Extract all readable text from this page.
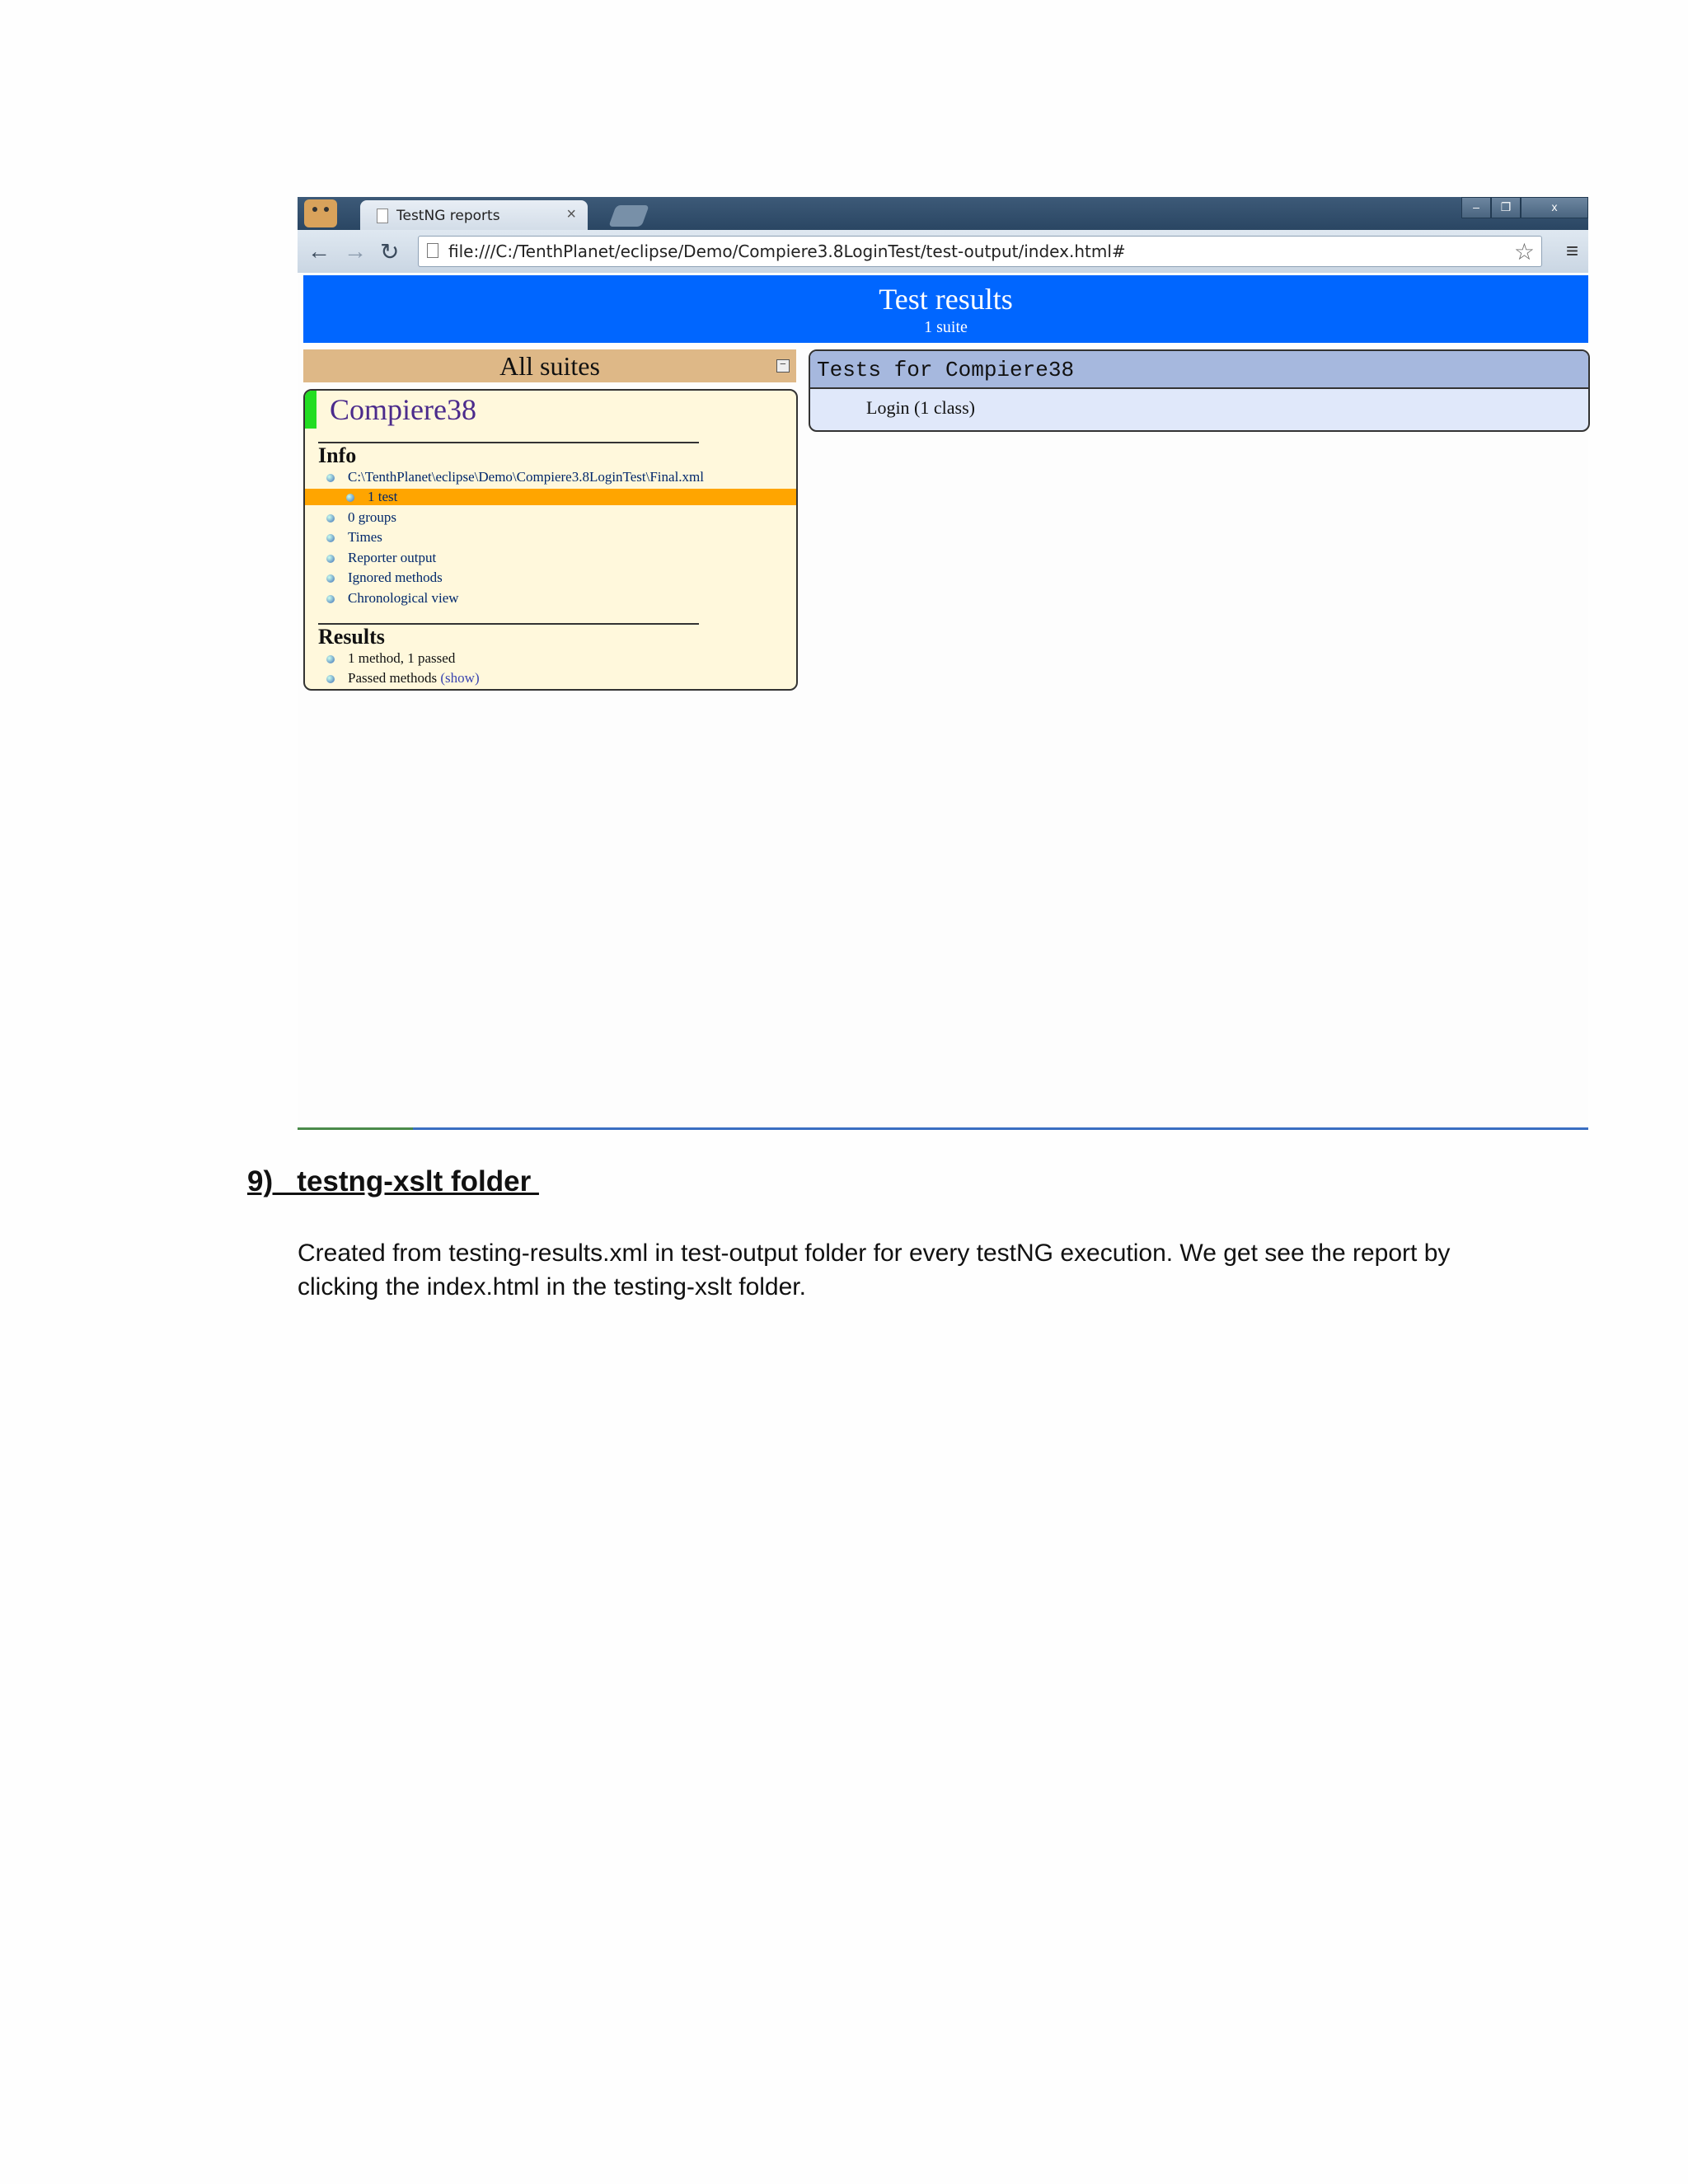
TestNG reports	×	–	❐	x
← → ↻	file:///C:/TenthPlanet/eclipse/Demo/Compiere3.8LoginTest/test-output/index.html#	☆ ≡
Test results
1 suite
All suites	−
Compiere38
Info
C:\TenthPlanet\eclipse\Demo\Compiere3.8LoginTest\Final.xml
1 test
0 groups
Times
Reporter output
Ignored methods
Chronological view
Results
1 method, 1 passed
Passed methods (show)
Tests for Compiere38
Login (1 class)
9)   testng-xslt folder
Created from testing-results.xml in test-output folder for every testNG execution. We get see the report by clicking the index.html in the testing-xslt folder.
